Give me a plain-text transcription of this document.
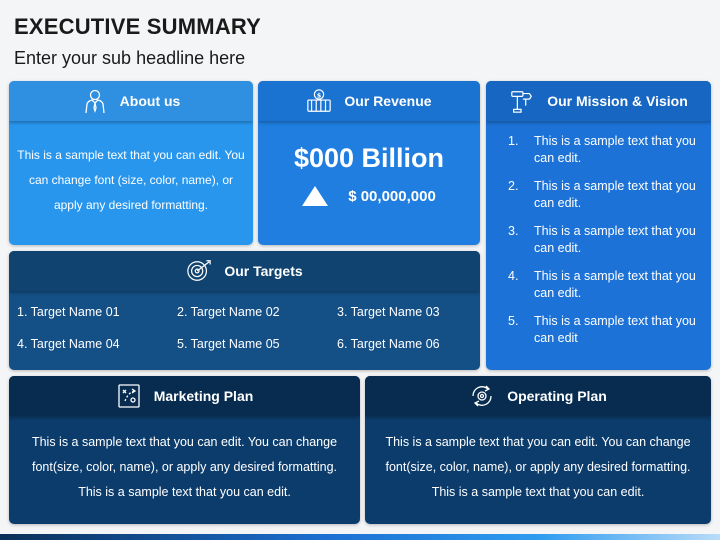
EXECUTIVE SUMMARY
Enter your sub headline here
About us
This is a sample text that you can edit. You can change font (size, color, name), or apply any desired formatting.
$ Our Revenue
$000 Billion
$ 00,000,000
Our Mission & Vision
1.	This is a sample text that you can edit.
2.	This is a sample text that you can edit.
3.	This is a sample text that you can edit.
4.	This is a sample text that you can edit.
5.	This is a sample text that you can edit
Our Targets
1. Target Name 01	2. Target Name 02	3. Target Name 03
4. Target Name 04	5. Target Name 05	6. Target Name 06
Marketing Plan
This is a sample text that you can edit. You can change font(size, color, name), or apply any desired formatting. This is a sample text that you can edit.
Operating Plan
This is a sample text that you can edit. You can change font(size, color, name), or apply any desired formatting. This is a sample text that you can edit.
